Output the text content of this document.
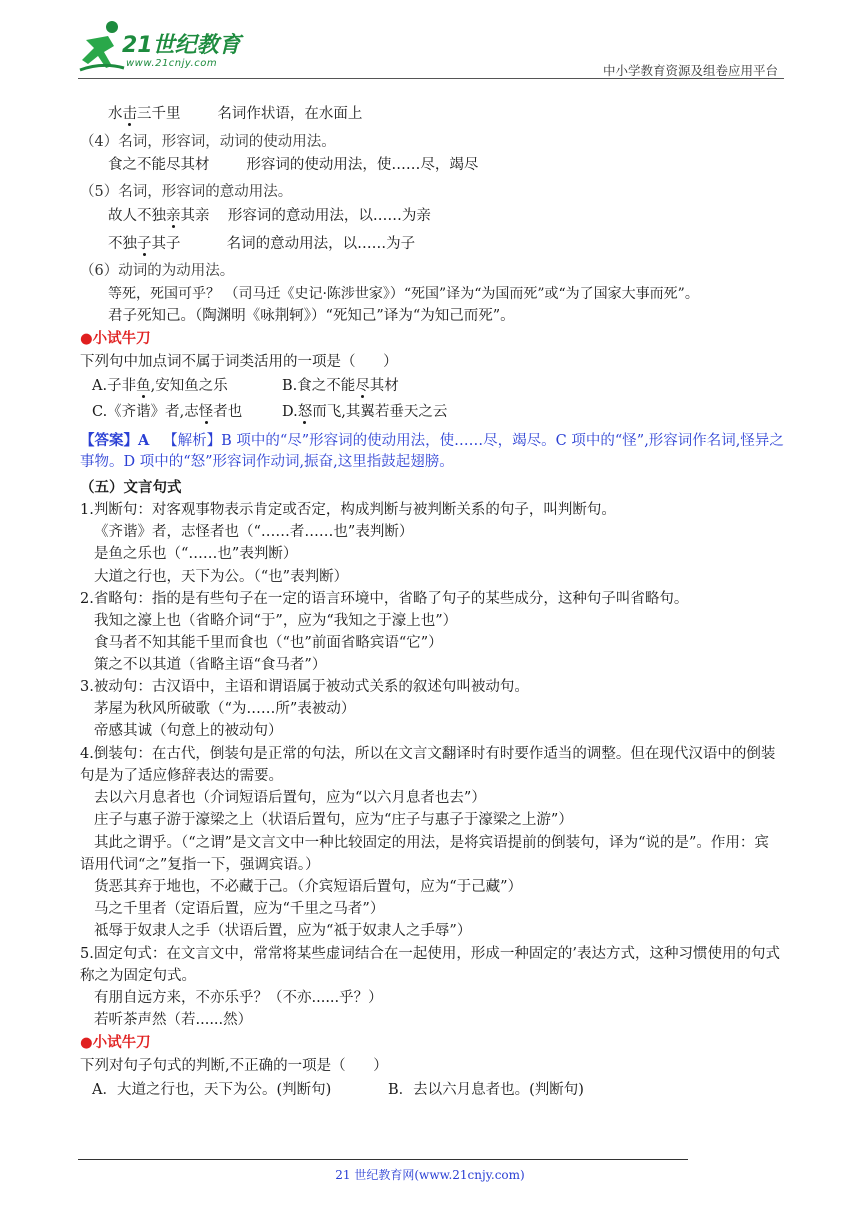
21世纪教育
www.21cnjy.com	中小学教育资源及组卷应用平台
水击三千里        名词作状语，在水面上
（4）名词，形容词，动词的使动用法。
食之不能尽其材        形容词的使动用法，使……尽，竭尽
（5）名词，形容词的意动用法。
故人不独亲其亲    形容词的意动用法，以……为亲
不独子其子          名词的意动用法，以……为子
（6）动词的为动用法。
等死，死国可乎？ （司马迁《史记·陈涉世家》）“死国”译为“为国而死”或“为了国家大事而死”。
君子死知己。（陶渊明《咏荆轲》）“死知己”译为“为知己而死”。
●小试牛刀
下列句中加点词不属于词类活用的一项是（      ）
A.子非鱼,安知鱼之乐	B.食之不能尽其材
C.《齐谐》者,志怪者也	D.怒而飞,其翼若垂天之云
【答案】A 【解析】B 项中的“尽”形容词的使动用法，使……尽，竭尽。C 项中的“怪”,形容词作名词,怪异之事物。D 项中的“怒”形容词作动词,振奋,这里指鼓起翅膀。
（五）文言句式
1.判断句：对客观事物表示肯定或否定，构成判断与被判断关系的句子，叫判断句。
《齐谐》者，志怪者也（“……者……也”表判断）
是鱼之乐也（“……也”表判断）
大道之行也，天下为公。（“也”表判断）
2.省略句：指的是有些句子在一定的语言环境中，省略了句子的某些成分，这种句子叫省略句。
我知之濠上也（省略介词“于”，应为“我知之于濠上也”）
食马者不知其能千里而食也（“也”前面省略宾语“它”）
策之不以其道（省略主语“食马者”）
3.被动句：古汉语中，主语和谓语属于被动式关系的叙述句叫被动句。
茅屋为秋风所破歌（“为……所”表被动）
帝感其诚（句意上的被动句）
4.倒装句：在古代，倒装句是正常的句法，所以在文言文翻译时有时要作适当的调整。但在现代汉语中的倒装句是为了适应修辞表达的需要。
去以六月息者也（介词短语后置句，应为“以六月息者也去”）
庄子与惠子游于濠梁之上（状语后置句，应为“庄子与惠子于濠梁之上游”）
其此之谓乎。（“之谓”是文言文中一种比较固定的用法，是将宾语提前的倒装句，译为“说的是”。作用：宾语用代词“之”复指一下，强调宾语。）
货恶其弃于地也，不必藏于己。（介宾短语后置句，应为“于己藏”）
马之千里者（定语后置，应为“千里之马者”）
祗辱于奴隶人之手（状语后置，应为“祗于奴隶人之手辱”）
5.固定句式：在文言文中，常常将某些虚词结合在一起使用，形成一种固定的’表达方式，这种习惯使用的句式称之为固定句式。
有朋自远方来，不亦乐乎？（不亦......乎？）
若听茶声然（若......然）
●小试牛刀
下列对句子句式的判断,不正确的一项是（      ）
A．大道之行也，天下为公。(判断句)	B．去以六月息者也。(判断句)
21 世纪教育网(www.21cnjy.com)
